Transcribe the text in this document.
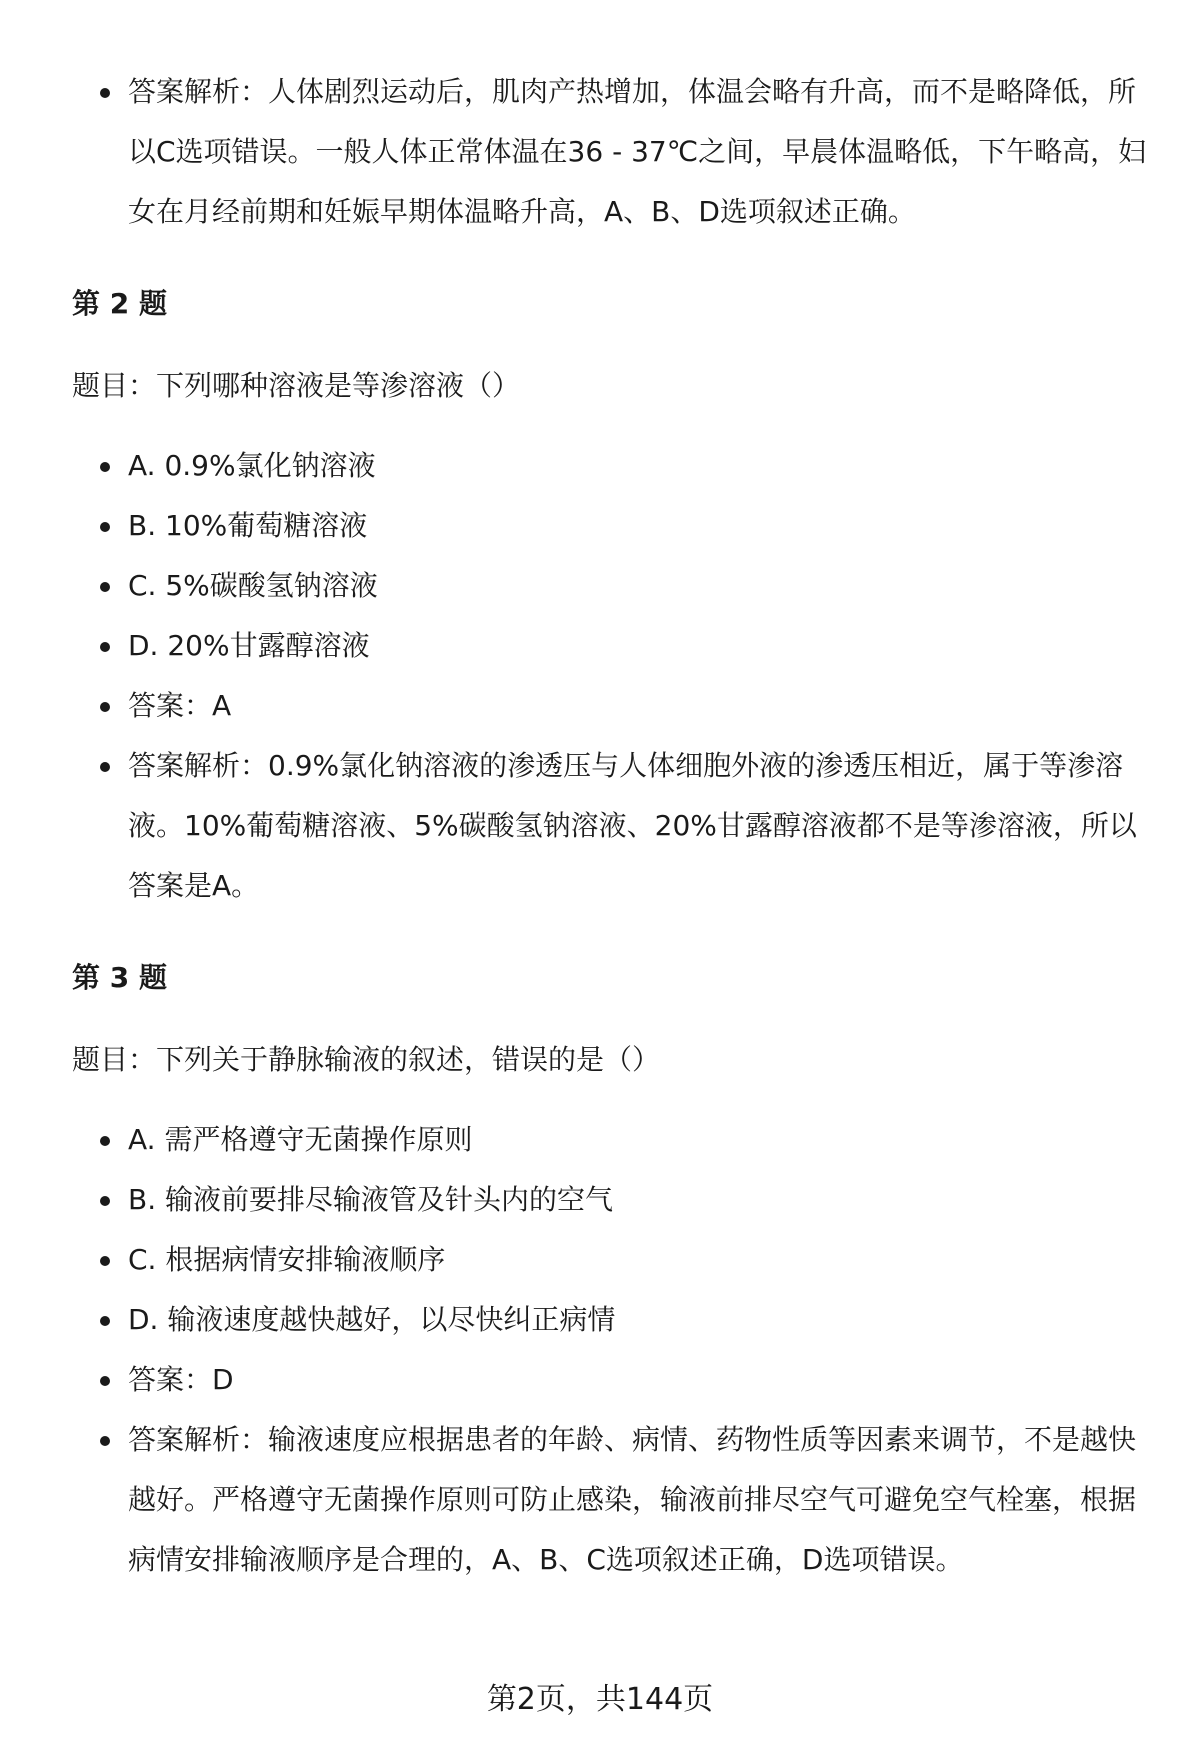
答案解析：人体剧烈运动后，肌肉产热增加，体温会略有升高，而不是略降低，所以C选项错误。一般人体正常体温在36 - 37℃之间，早晨体温略低，下午略高，妇女在月经前期和妊娠早期体温略升高，A、B、D选项叙述正确。
第 2 题
题目：下列哪种溶液是等渗溶液（）
A. 0.9%氯化钠溶液
B. 10%葡萄糖溶液
C. 5%碳酸氢钠溶液
D. 20%甘露醇溶液
答案：A
答案解析：0.9%氯化钠溶液的渗透压与人体细胞外液的渗透压相近，属于等渗溶液。10%葡萄糖溶液、5%碳酸氢钠溶液、20%甘露醇溶液都不是等渗溶液，所以答案是A。
第 3 题
题目：下列关于静脉输液的叙述，错误的是（）
A. 需严格遵守无菌操作原则
B. 输液前要排尽输液管及针头内的空气
C. 根据病情安排输液顺序
D. 输液速度越快越好，以尽快纠正病情
答案：D
答案解析：输液速度应根据患者的年龄、病情、药物性质等因素来调节，不是越快越好。严格遵守无菌操作原则可防止感染，输液前排尽空气可避免空气栓塞，根据病情安排输液顺序是合理的，A、B、C选项叙述正确，D选项错误。
第2页，共144页
